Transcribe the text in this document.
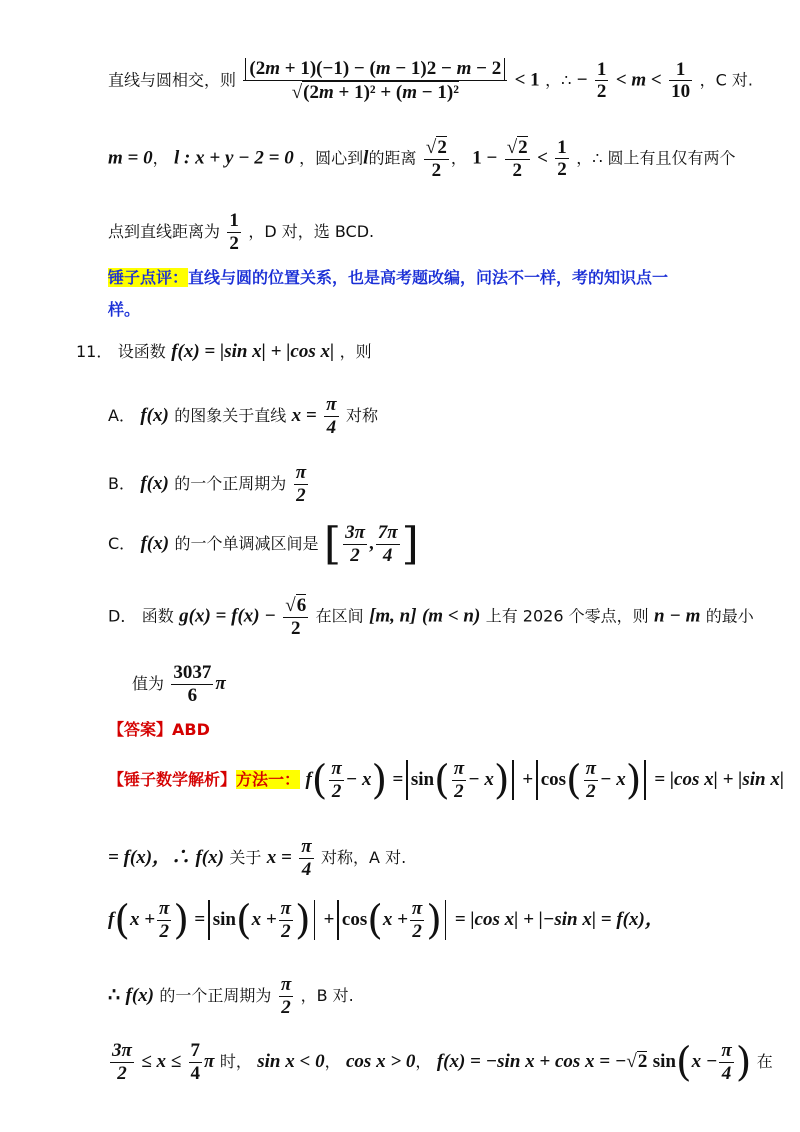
直线与圆相交，则 $\frac{(2m + 1)(-1) - (m - 1)2 - m - 2}{\text{√(2m + 1)² + (m − 1)²}} < 1$ ，∴ − $\frac{1}{2} < m < \frac{1}{10}$ ，C 对.
m = 0， l : x + y − 2 = 0 ，圆心到l的距离 $\frac{√2}{2}$ ， $1 - \frac{√2}{2} < \frac{1}{2}$ ，∴ 圆上有且仅有两个
点到直线距离为 $\frac{1}{2}$ ，D 对，选 BCD.
锤子点评：直线与圆的位置关系，也是高考题改编，问法不一样，考的知识点一
样。
11． 设函数 f(x) = |sin x| + |cos x| ，则
A． f(x) 的图象关于直线 $x = \frac{\pi}{4}$ 对称
B． f(x) 的一个正周期为 $\frac{\pi}{2}$
C． f(x) 的一个单调减区间是 [ $\frac{3\pi}{2}$ , $\frac{7\pi}{4}$ ]
D． 函数 $g(x) = f(x) - \frac{√6}{2}$ 在区间 [m, n] (m < n) 上有 2026 个零点，则 n − m 的最小
值为 $\frac{3037}{6}$ π
【答案】ABD
【锤子数学解析】方法一： $f( \frac{\pi}{2} - x) = \sin( \frac{\pi}{2} - x) + \cos( \frac{\pi}{2} - x) = |\cos$ x| + |sin x|
= f(x)，∴ f(x) 关于 $x = \frac{\pi}{4}$ 对称，A 对.
$f(x + \frac{\pi}{2}$ ) = $\sin(x + \frac{\pi}{2}$ ) + $\cos(x + \frac{\pi}{2}$ ) = |cos x| + |−sin x| = f(x)，
∴ f(x) 的一个正周期为 $\frac{\pi}{2}$ ，B 对.
$\frac{3\pi}{2} \le x \le \frac{7}{4}$ π 时， sin x < 0， cos x > 0， f(x) = −sin x + cos x = −√2 $\sin(x - \frac{\pi}{4}$ ) 在
